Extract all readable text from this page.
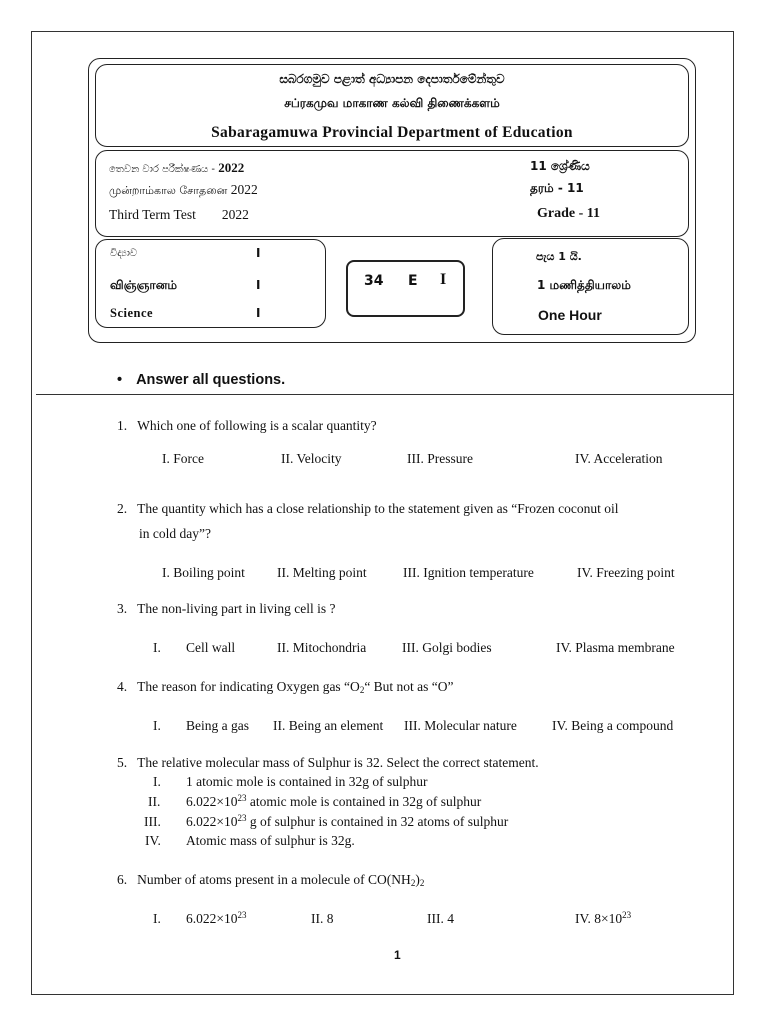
සබරගමුව පළාත් අධ්‍යාපන දෙපාර්තමේන්තුව
சப்ரகமுவ மாகாண கல்வி திணைக்களம்
Sabaragamuwa Provincial Department of Education
තෙවන වාර පරීක්ෂණය - 2022
முன்றாம்கால சோதனை 2022
Third Term Test 2022
11 ශ්‍රේණිය
தரம் - 11
Grade - 11
විද්‍යාව
விஞ்ஞானம்
Science
I
I
I
34 E I
පැය 1 යි.
1 மணித்தியாலம்
One Hour
• Answer all questions.
1. Which one of following is a scalar quantity?
I. Force	II. Velocity	III. Pressure	IV. Acceleration
2. The quantity which has a close relationship to the statement given as “Frozen coconut oil
in cold day”?
I. Boiling point II. Melting point	III. Ignition temperature	IV. Freezing point
3. The non-living part in living cell is ?
I. Cell wall	II. Mitochondria	III. Golgi bodies	IV. Plasma membrane
4. The reason for indicating Oxygen gas “$O_2“$ But not as “O”
I. Being a gas II. Being an element III. Molecular nature	IV. Being a compound
5. The relative molecular mass of Sulphur is 32. Select the correct statement.
I. 1 atomic mole is contained in 32g of sulphur
II. $6.022\times 10^{23}$ atomic mole is contained in 32g of sulphur
III. $6.022\times 10^{23}$ g of sulphur is contained in 32 atoms of sulphur
IV. Atomic mass of sulphur is 32g.
6. Number of atoms present in a molecule of $CO(NH_2)_2$
I. $6.022\times 10^{23}$	II. 8	III. 4	IV. $8\times 10^{23}$
1
